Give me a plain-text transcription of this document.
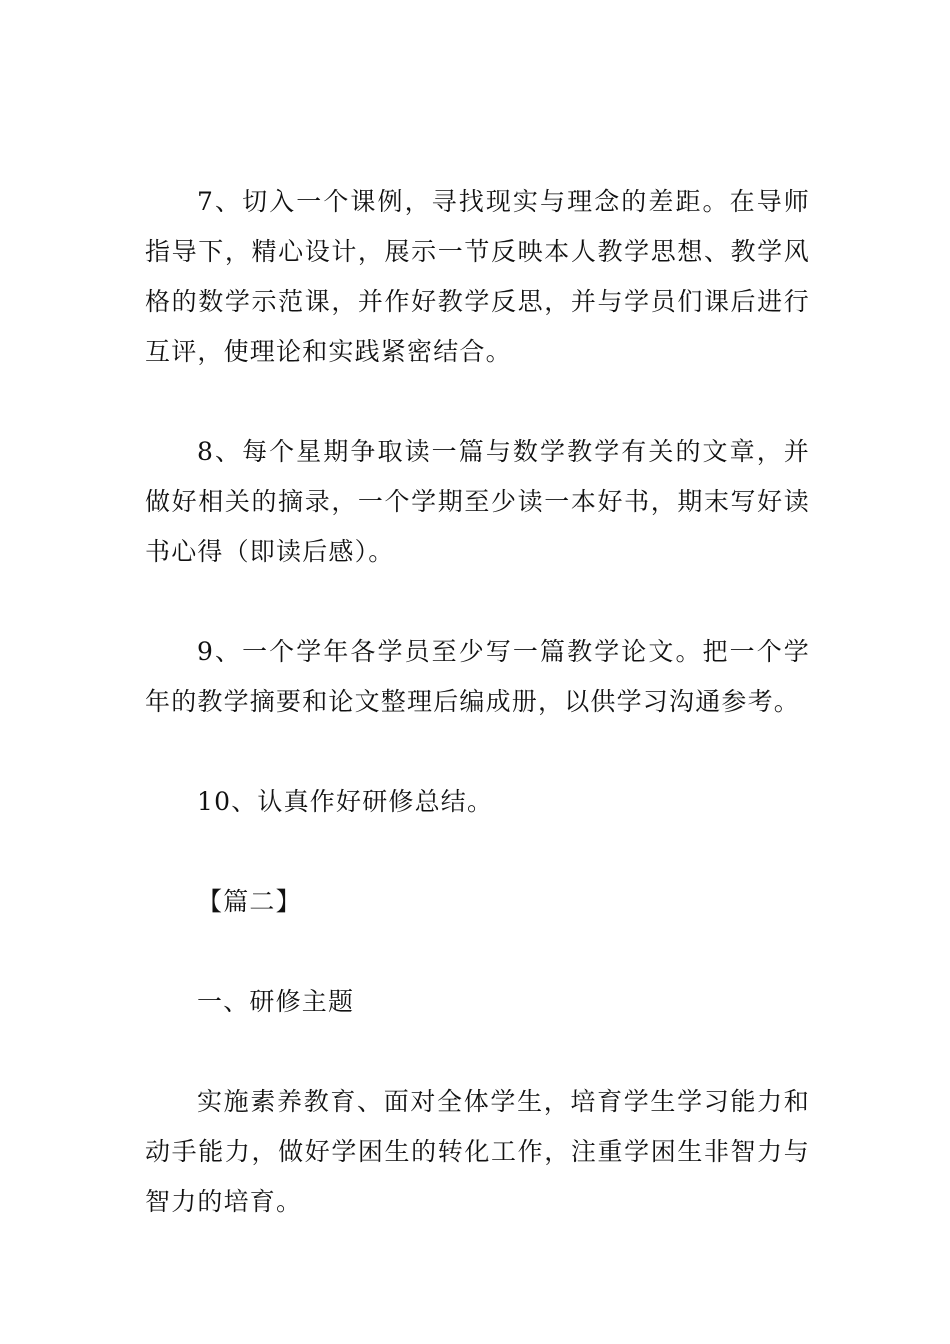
7、切入一个课例，寻找现实与理念的差距。在导师指导下，精心设计，展示一节反映本人教学思想、教学风格的数学示范课，并作好教学反思，并与学员们课后进行互评，使理论和实践紧密结合。

8、每个星期争取读一篇与数学教学有关的文章，并做好相关的摘录，一个学期至少读一本好书，期末写好读书心得（即读后感）。

9、一个学年各学员至少写一篇教学论文。把一个学年的教学摘要和论文整理后编成册，以供学习沟通参考。

10、认真作好研修总结。

【篇二】

一、研修主题

实施素养教育、面对全体学生，培育学生学习能力和动手能力，做好学困生的转化工作，注重学困生非智力与智力的培育。
